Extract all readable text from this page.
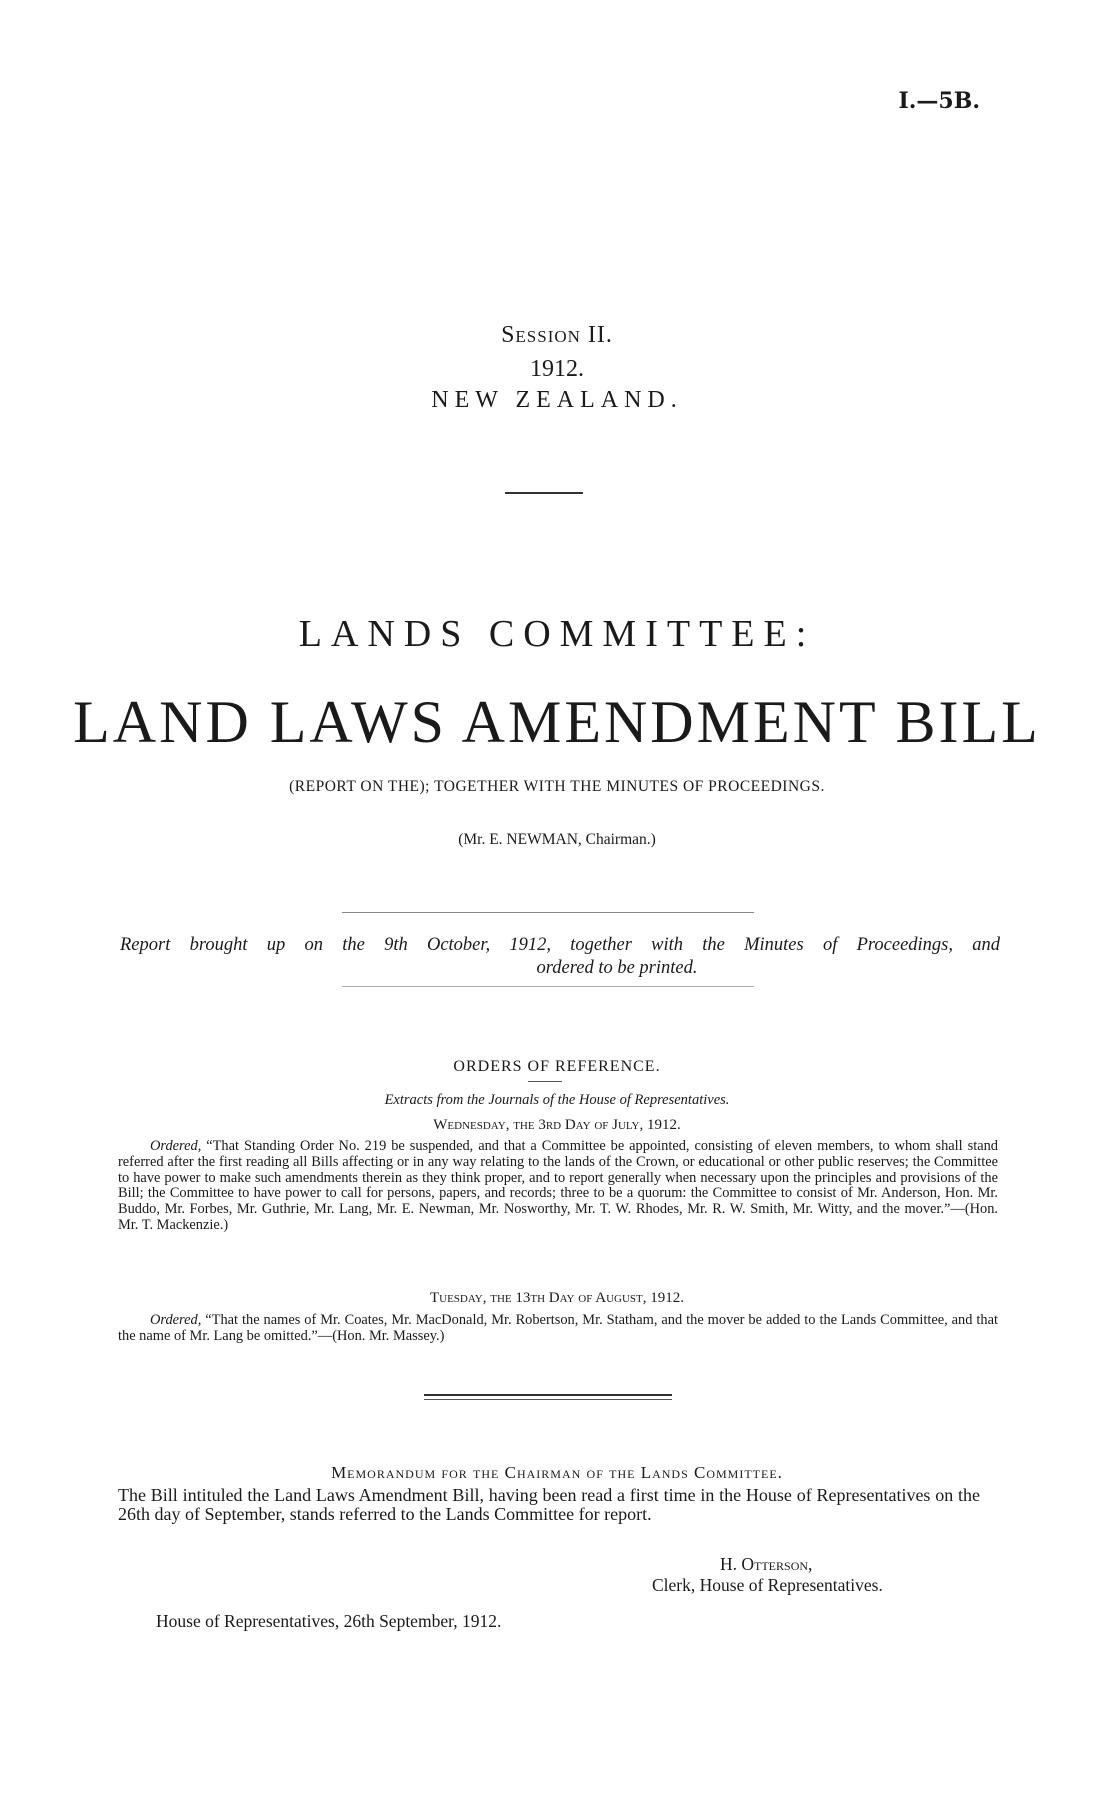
I.—5B.
Session II.
1912.
NEW ZEALAND.
LANDS COMMITTEE:
LAND LAWS AMENDMENT BILL
(REPORT ON THE); TOGETHER WITH THE MINUTES OF PROCEEDINGS.
(Mr. E. NEWMAN, Chairman.)
Report brought up on the 9th October, 1912, together with the Minutes of Proceedings, and
ordered to be printed.
ORDERS OF REFERENCE.
Extracts from the Journals of the House of Representatives.
Wednesday, the 3rd Day of July, 1912.
Ordered, “That Standing Order No. 219 be suspended, and that a Committee be appointed, consisting of eleven members, to whom shall stand referred after the first reading all Bills affecting or in any way relating to the lands of the Crown, or educational or other public reserves; the Committee to have power to make such amendments therein as they think proper, and to report generally when necessary upon the principles and provisions of the Bill; the Committee to have power to call for persons, papers, and records; three to be a quorum: the Committee to consist of Mr. Anderson, Hon. Mr. Buddo, Mr. Forbes, Mr. Guthrie, Mr. Lang, Mr. E. Newman, Mr. Nosworthy, Mr. T. W. Rhodes, Mr. R. W. Smith, Mr. Witty, and the mover.”—(Hon. Mr. T. Mackenzie.)
Tuesday, the 13th Day of August, 1912.
Ordered, “That the names of Mr. Coates, Mr. MacDonald, Mr. Robertson, Mr. Statham, and the mover be added to the Lands Committee, and that the name of Mr. Lang be omitted.”—(Hon. Mr. Massey.)
Memorandum for the Chairman of the Lands Committee.
The Bill intituled the Land Laws Amendment Bill, having been read a first time in the House of Representatives on the 26th day of September, stands referred to the Lands Committee for report.
H. Otterson,
Clerk, House of Representatives.
House of Representatives, 26th September, 1912.
